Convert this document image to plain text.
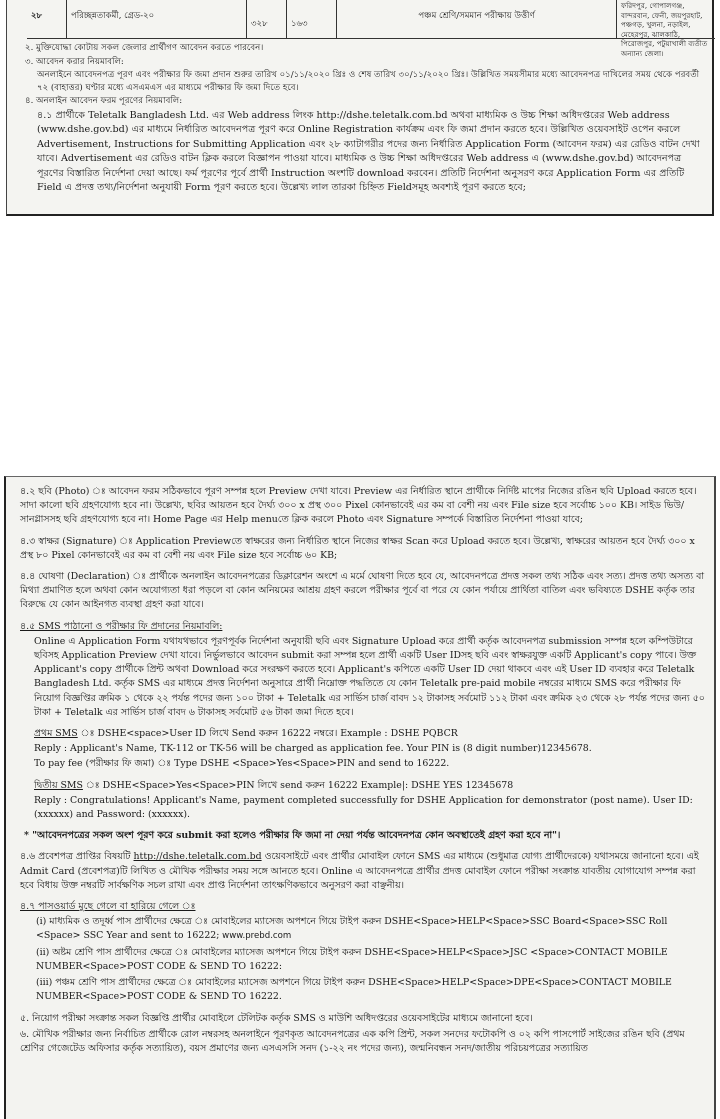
২৮	পরিচ্ছন্নতাকর্মী, গ্রেড-২০
৩২৮	১৬৩
পঞ্চম শ্রেণি/সমমান পরীক্ষায় উত্তীর্ণ
ফরিদপুর, গোপালগঞ্জ, বান্দরবান, ফেনী, জয়পুরহাট, পঞ্চগড়, খুলনা, নড়াইল, মেহেরপুর, ঝালকাঠি, পিরোজপুর, পটুয়াখালী ব্যতীত অন্যান্য জেলা।

২. মুক্তিযোদ্ধা কোটায় সকল জেলার প্রার্থীগণ আবেদন করতে পারবেন।

৩. আবেদন করার নিয়মাবলি:

অনলাইনে আবেদনপত্র পূরণ এবং পরীক্ষার ফি জমা প্রদান শুরুর তারিখ ০১/১১/২০২০ খ্রিঃ ও শেষ তারিখ ৩০/১১/২০২০ খ্রিঃ। উল্লিখিত সময়সীমার মধ্যে আবেদনপত্র দাখিলের সময় থেকে পরবর্তী ৭২ (বাহাত্তর) ঘণ্টার মধ্যে এসএমএস এর মাধ্যমে পরীক্ষার ফি জমা দিতে হবে।

৪. অনলাইন আবেদন ফরম পূরণের নিয়মাবলি:

৪.১ প্রার্থীকে Teletalk Bangladesh Ltd. এর Web address লিংক http://dshe.teletalk.com.bd অথবা মাধ্যমিক ও উচ্চ শিক্ষা অধিদপ্তরের Web address (www.dshe.gov.bd) এর মাধ্যমে নির্ধারিত আবেদনপত্র পূরণ করে Online Registration কার্যক্রম এবং ফি জমা প্রদান করতে হবে। উল্লিখিত ওয়েবসাইট ওপেন করলে Advertisement, Instructions for Submitting Application এবং ২৮ ক্যাটাগরীর পদের জন্য নির্ধারিত Application Form (আবেদন ফরম) এর রেডিও বাটন দেখা যাবে। Advertisement এর রেডিও বাটন ক্লিক করলে বিজ্ঞাপন পাওয়া যাবে। মাধ্যমিক ও উচ্চ শিক্ষা অধিদপ্তরের Web address এ (www.dshe.gov.bd) আবেদনপত্র পূরণের বিস্তারিত নির্দেশনা দেয়া আছে। ফর্ম পূরণের পূর্বে প্রার্থী Instruction অংশটি download করবেন। প্রতিটি নির্দেশনা অনুসরণ করে Application Form এর প্রতিটি Field এ প্রদত্ত তথ্য/নির্দেশনা অনুযায়ী Form পূরণ করতে হবে। উল্লেখ্য লাল তারকা চিহ্নিত Fieldসমূহ অবশ্যই পূরণ করতে হবে;

৪.২ ছবি (Photo) ঃ আবেদন ফরম সঠিকভাবে পূরণ সম্পন্ন হলে Preview দেখা যাবে। Preview এর নির্ধারিত স্থানে প্রার্থীকে নির্দিষ্ট মাপের নিজের রঙিন ছবি Upload করতে হবে। সাদা কালো ছবি গ্রহণযোগ্য হবে না। উল্লেখ্য, ছবির আয়তন হবে দৈর্ঘ্য ৩০০ x প্রস্থ ৩০০ Pixel কোনভাবেই এর কম বা বেশী নয় এবং File size হবে সর্বোচ্চ ১০০ KB। সাইড ভিউ/সানগ্লাসসহ ছবি গ্রহণযোগ্য হবে না। Home Page এর Help menuতে ক্লিক করলে Photo এবং Signature সম্পর্কে বিস্তারিত নির্দেশনা পাওয়া যাবে;

৪.৩ স্বাক্ষর (Signature) ঃ Application Previewতে স্বাক্ষরের জন্য নির্ধারিত স্থানে নিজের স্বাক্ষর Scan করে Upload করতে হবে। উল্লেখ্য, স্বাক্ষরের আয়তন হবে দৈর্ঘ্য ৩০০ x প্রস্থ ৮০ Pixel কোনভাবেই এর কম বা বেশী নয় এবং File size হবে সর্বোচ্চ ৬০ KB;

৪.৪ ঘোষণা (Declaration) ঃ প্রার্থীকে অনলাইন আবেদনপত্রের ডিক্লারেশন অংশে এ মর্মে ঘোষণা দিতে হবে যে, আবেদনপত্রে প্রদত্ত সকল তথ্য সঠিক এবং সত্য। প্রদত্ত তথ্য অসত্য বা মিথ্যা প্রমাণিত হলে অথবা কোন অযোগ্যতা ধরা পড়লে বা কোন অনিয়মের আশ্রয় গ্রহণ করলে পরীক্ষার পূর্বে বা পরে যে কোন পর্যায়ে প্রার্থিতা বাতিল এবং ভবিষ্যতে DSHE কর্তৃক তার বিরুদ্ধে যে কোন আইনগত ব্যবস্থা গ্রহণ করা যাবে।

৪.৫ SMS পাঠানো ও পরীক্ষার ফি প্রদানের নিয়মাবলি:

Online এ Application Form যথাযথভাবে পূরণপূর্বক নির্দেশনা অনুযায়ী ছবি এবং Signature Upload করে প্রার্থী কর্তৃক আবেদনপত্র submission সম্পন্ন হলে কম্পিউটারে ছবিসহ Application Preview দেখা যাবে। নির্ভুলভাবে আবেদন submit করা সম্পন্ন হলে প্রার্থী একটি User IDসহ ছবি এবং স্বাক্ষরযুক্ত একটি Applicant's copy পাবে। উক্ত Applicant's copy প্রার্থীকে প্রিন্ট অথবা Download করে সংরক্ষণ করতে হবে। Applicant's কপিতে একটি User ID দেয়া থাকবে এবং এই User ID ব্যবহার করে Teletalk Bangladesh Ltd. কর্তৃক SMS এর মাধ্যমে প্রদত্ত নির্দেশনা অনুসারে প্রার্থী নিম্নোক্ত পদ্ধতিতে যে কোন Teletalk pre-paid mobile নম্বরের মাধ্যমে SMS করে পরীক্ষার ফি নিয়োগ বিজ্ঞপ্তির ক্রমিক ১ থেকে ২২ পর্যন্ত পদের জন্য ১০০ টাকা + Teletalk এর সার্ভিস চার্জ বাবদ ১২ টাকাসহ সর্বমোট ১১২ টাকা এবং ক্রমিক ২৩ থেকে ২৮ পর্যন্ত পদের জন্য ৫০ টাকা + Teletalk এর সার্ভিস চার্জ বাবদ ৬ টাকাসহ সর্বমোট ৫৬ টাকা জমা দিতে হবে।

প্রথম SMS ঃ DSHE<space>User ID লিখে Send করুন 16222 নম্বরে। Example : DSHE PQBCR

Reply : Applicant's Name, TK-112 or TK-56 will be charged as application fee. Your PIN is (8 digit number)12345678.

To pay fee (পরীক্ষার ফি জমা) ঃ Type DSHE <Space>Yes<Space>PIN and send to 16222.

দ্বিতীয় SMS ঃ DSHE<Space>Yes<Space>PIN লিখে send করুন 16222 Example|: DSHE YES 12345678

Reply : Congratulations! Applicant's Name, payment completed successfully for DSHE Application for demonstrator (post name). User ID: (xxxxxx) and Password: (xxxxxx).

* "আবেদনপত্রের সকল অংশ পূরণ করে submit করা হলেও পরীক্ষার ফি জমা না দেয়া পর্যন্ত আবেদনপত্র কোন অবস্থাতেই গ্রহণ করা হবে না"।

৪.৬ প্রবেশপত্র প্রাপ্তির বিষয়টি http://dshe.teletalk.com.bd ওয়েবসাইটে এবং প্রার্থীর মোবাইল ফোনে SMS এর মাধ্যমে (শুধুমাত্র যোগ্য প্রার্থীদেরকে) যথাসময়ে জানানো হবে। এই Admit Card (প্রবেশপত্র)টি লিখিত ও মৌখিক পরীক্ষার সময় সঙ্গে আনতে হবে। Online এ আবেদনপত্রে প্রার্থীর প্রদত্ত মোবাইল ফোনে পরীক্ষা সংক্রান্ত যাবতীয় যোগাযোগ সম্পন্ন করা হবে বিধায় উক্ত নম্বরটি সার্বক্ষণিক সচল রাখা এবং প্রাপ্ত নির্দেশনা তাৎক্ষণিকভাবে অনুসরণ করা বাঞ্ছনীয়।

৪.৭ পাসওয়ার্ড মুছে গেলে বা হারিয়ে গেলে ঃ

(i) মাধ্যমিক ও তদূর্ধ্ব পাস প্রার্থীদের ক্ষেত্রে ঃ মোবাইলের ম্যাসেজ অপশনে গিয়ে টাইপ করুন DSHE<Space>HELP<Space>SSC Board<Space>SSC Roll <Space> SSC Year and sent to 16222; www.prebd.com

(ii) অষ্টম শ্রেণি পাস প্রার্থীদের ক্ষেত্রে ঃ মোবাইলের ম্যাসেজ অপশনে গিয়ে টাইপ করুন DSHE<Space>HELP<Space>JSC <Space>CONTACT MOBILE NUMBER<Space>POST CODE & SEND TO 16222:

(iii) পঞ্চম শ্রেণি পাস প্রার্থীদের ক্ষেত্রে ঃ মোবাইলের ম্যাসেজ অপশনে গিয়ে টাইপ করুন DSHE<Space>HELP<Space>DPE<Space>CONTACT MOBILE NUMBER<Space>POST CODE & SEND TO 16222.

৫. নিয়োগ পরীক্ষা সংক্রান্ত সকল বিজ্ঞপ্তি প্রার্থীর মোবাইলে টেলিটক কর্তৃক SMS ও মাউশি অধিদপ্তরের ওয়েবসাইটের মাধ্যমে জানানো হবে।

৬. মৌখিক পরীক্ষার জন্য নির্বাচিত প্রার্থীকে রোল নম্বরসহ অনলাইনে পূরণকৃত আবেদনপত্রের এক কপি প্রিন্ট, সকল সনদের ফটোকপি ও ০২ কপি পাসপোর্ট সাইজের রঙিন ছবি (প্রথম শ্রেণির গেজেটেড অফিসার কর্তৃক সত্যায়িত), বয়স প্রমাণের জন্য এসএসসি সনদ (১-২২ নং পদের জন্য), জন্মনিবন্ধন সনদ/জাতীয় পরিচয়পত্রের সত্যায়িত
